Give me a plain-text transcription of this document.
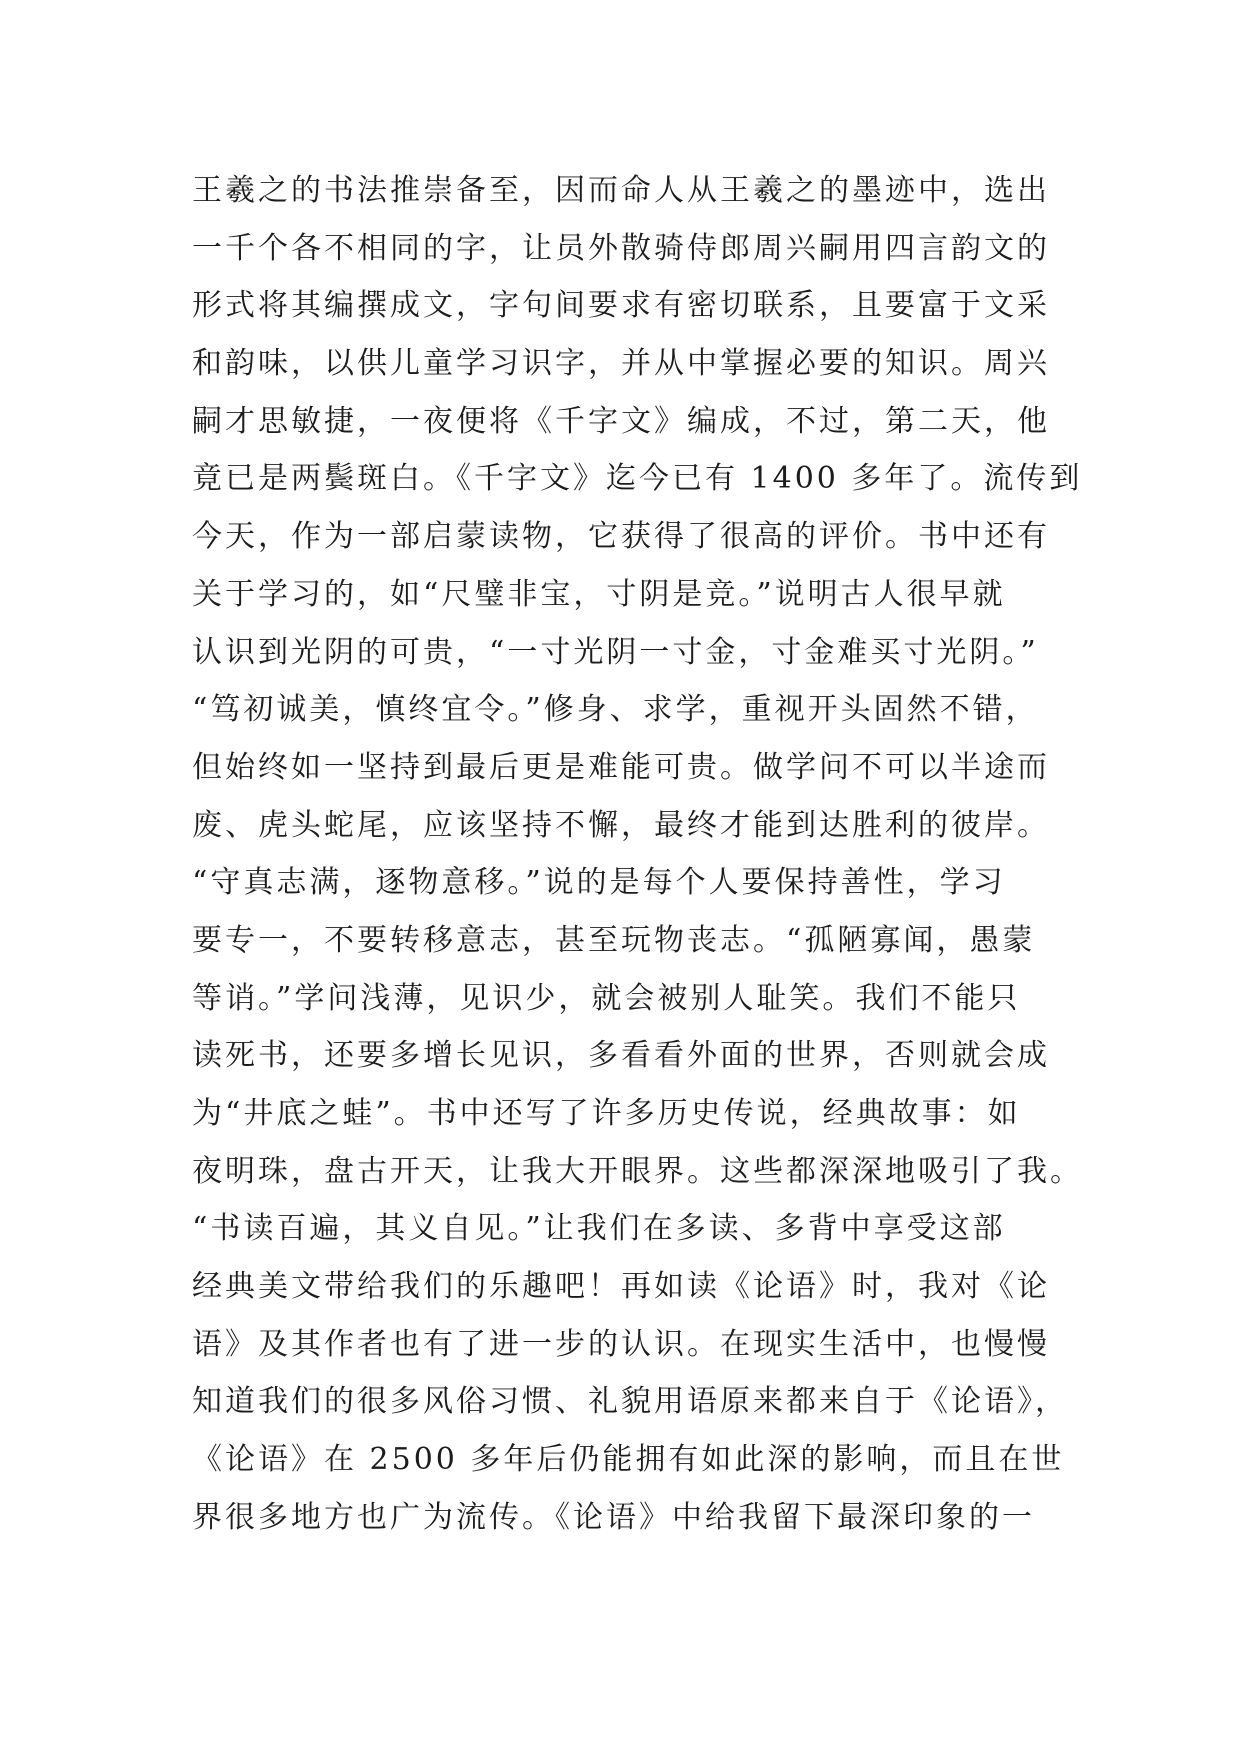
王羲之的书法推崇备至，因而命人从王羲之的墨迹中，选出
一千个各不相同的字，让员外散骑侍郎周兴嗣用四言韵文的
形式将其编撰成文，字句间要求有密切联系，且要富于文采
和韵味，以供儿童学习识字，并从中掌握必要的知识。周兴
嗣才思敏捷，一夜便将《千字文》编成，不过，第二天，他
竟已是两鬓斑白。《千字文》迄今已有 1400 多年了。流传到
今天，作为一部启蒙读物，它获得了很高的评价。书中还有
关于学习的，如“尺璧非宝，寸阴是竞。”说明古人很早就
认识到光阴的可贵，“一寸光阴一寸金，寸金难买寸光阴。”
“笃初诚美，慎终宜令。”修身、求学，重视开头固然不错，
但始终如一坚持到最后更是难能可贵。做学问不可以半途而
废、虎头蛇尾，应该坚持不懈，最终才能到达胜利的彼岸。
“守真志满，逐物意移。”说的是每个人要保持善性，学习
要专一，不要转移意志，甚至玩物丧志。“孤陋寡闻，愚蒙
等诮。”学问浅薄，见识少，就会被别人耻笑。我们不能只
读死书，还要多增长见识，多看看外面的世界，否则就会成
为“井底之蛙”。书中还写了许多历史传说，经典故事：如
夜明珠，盘古开天，让我大开眼界。这些都深深地吸引了我。
“书读百遍，其义自见。”让我们在多读、多背中享受这部
经典美文带给我们的乐趣吧！再如读《论语》时，我对《论
语》及其作者也有了进一步的认识。在现实生活中，也慢慢
知道我们的很多风俗习惯、礼貌用语原来都来自于《论语》，
《论语》在 2500 多年后仍能拥有如此深的影响，而且在世
界很多地方也广为流传。《论语》中给我留下最深印象的一
